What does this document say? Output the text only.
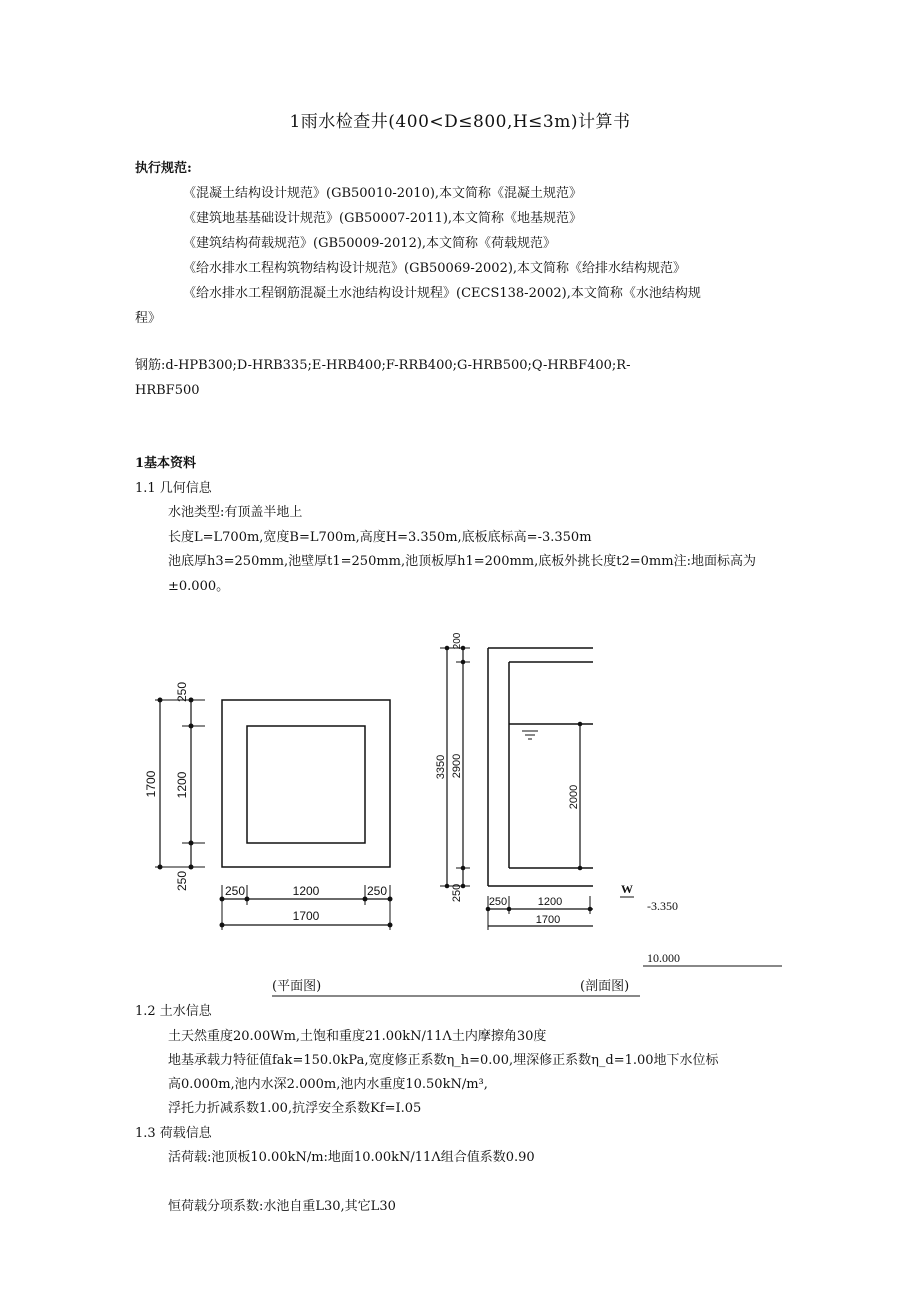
1雨水检查井(400<D≤800,H≤3m)计算书
执行规范:
《混凝土结构设计规范》(GB50010-2010),本文简称《混凝土规范》
《建筑地基基础设计规范》(GB50007-2011),本文简称《地基规范》
《建筑结构荷载规范》(GB50009-2012),本文简称《荷载规范》
《给水排水工程构筑物结构设计规范》(GB50069-2002),本文简称《给排水结构规范》
《给水排水工程钢筋混凝土水池结构设计规程》(CECS138-2002),本文简称《水池结构规
程》
钢筋:d-HPB300;D-HRB335;E-HRB400;F-RRB400;G-HRB500;Q-HRBF400;R-
HRBF500
1基本资料
1.1 几何信息
水池类型:有顶盖半地上
长度L=L700m,宽度B=L700m,高度H=3.350m,底板底标高=-3.350m
池底厚h3=250mm,池壁厚t1=250mm,池顶板厚h1=200mm,底板外挑长度t2=0mm注:地面标高为
±0.000。
250
1200
250
1700
250	1200	250
1700
200
2900
250
3350
2000
250	1200
1700
W
-3.350
10.000
(平面图)	(剖面图)
1.2 土水信息
土天然重度20.00Wm,土饱和重度21.00kN/11Λ土内摩擦角30度
地基承载力特征值fak=150.0kPa,宽度修正系数η_h=0.00,埋深修正系数η_d=1.00地下水位标
高0.000m,池内水深2.000m,池内水重度10.50kN/m³,
浮托力折减系数1.00,抗浮安全系数Kf=I.05
1.3 荷载信息
活荷载:池顶板10.00kN/m:地面10.00kN/11Λ组合值系数0.90
恒荷载分项系数:水池自重L30,其它L30
